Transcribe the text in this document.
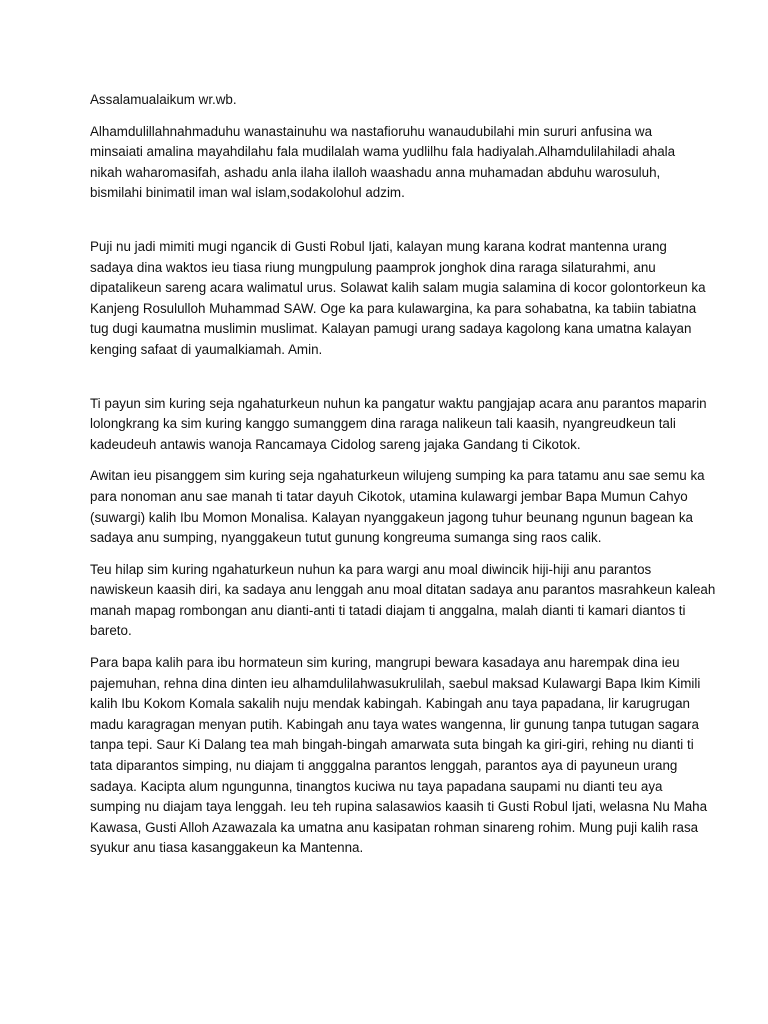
Assalamualaikum wr.wb.

Alhamdulillahnahmaduhu wanastainuhu wa nastafioruhu wanaudubilahi min sururi anfusina wa
minsaiati amalina mayahdilahu fala mudilalah wama yudlilhu fala hadiyalah.Alhamdulilahiladi ahala
nikah waharomasifah, ashadu anla ilaha ilalloh waashadu anna muhamadan abduhu warosuluh,
bismilahi binimatil iman wal islam,sodakolohul adzim.

Puji nu jadi mimiti mugi ngancik di Gusti Robul Ijati, kalayan mung karana kodrat mantenna urang
sadaya dina waktos ieu tiasa riung mungpulung paamprok jonghok dina raraga silaturahmi, anu
dipatalikeun sareng acara walimatul urus. Solawat kalih salam mugia salamina di kocor golontorkeun ka
Kanjeng Rosululloh Muhammad SAW. Oge ka para kulawargina, ka para sohabatna, ka tabiin tabiatna
tug dugi kaumatna muslimin muslimat. Kalayan pamugi urang sadaya kagolong kana umatna kalayan
kenging safaat di yaumalkiamah. Amin.

Ti payun sim kuring seja ngahaturkeun nuhun ka pangatur waktu pangjajap acara anu parantos maparin
lolongkrang ka sim kuring kanggo sumanggem dina raraga nalikeun tali kaasih, nyangreudkeun tali
kadeudeuh antawis wanoja Rancamaya Cidolog sareng jajaka Gandang ti Cikotok.

Awitan ieu pisanggem sim kuring seja ngahaturkeun wilujeng sumping ka para tatamu anu sae semu ka
para nonoman anu sae manah ti tatar dayuh Cikotok, utamina kulawargi jembar Bapa Mumun Cahyo
(suwargi) kalih Ibu Momon Monalisa. Kalayan nyanggakeun jagong tuhur beunang ngunun bagean ka
sadaya anu sumping, nyanggakeun tutut gunung kongreuma sumanga sing raos calik.

Teu hilap sim kuring ngahaturkeun nuhun ka para wargi anu moal diwincik hiji-hiji anu parantos
nawiskeun kaasih diri, ka sadaya anu lenggah anu moal ditatan sadaya anu parantos masrahkeun kaleah
manah mapag rombongan anu dianti-anti ti tatadi diajam ti anggalna, malah dianti ti kamari diantos ti
bareto.

Para bapa kalih para ibu hormateun sim kuring, mangrupi bewara kasadaya anu harempak dina ieu
pajemuhan, rehna dina dinten ieu alhamdulilahwasukrulilah, saebul maksad Kulawargi Bapa Ikim Kimili
kalih Ibu Kokom Komala sakalih nuju mendak kabingah. Kabingah anu taya papadana, lir karugrugan
madu karagragan menyan putih. Kabingah anu taya wates wangenna, lir gunung tanpa tutugan sagara
tanpa tepi. Saur Ki Dalang tea mah bingah-bingah amarwata suta bingah ka giri-giri, rehing nu dianti ti
tata diparantos simping, nu diajam ti angggalna parantos lenggah, parantos aya di payuneun urang
sadaya. Kacipta alum ngungunna, tinangtos kuciwa nu taya papadana saupami nu dianti teu aya
sumping nu diajam taya lenggah. Ieu teh rupina salasawios kaasih ti Gusti Robul Ijati, welasna Nu Maha
Kawasa, Gusti Alloh Azawazala ka umatna anu kasipatan rohman sinareng rohim. Mung puji kalih rasa
syukur anu tiasa kasanggakeun ka Mantenna.
